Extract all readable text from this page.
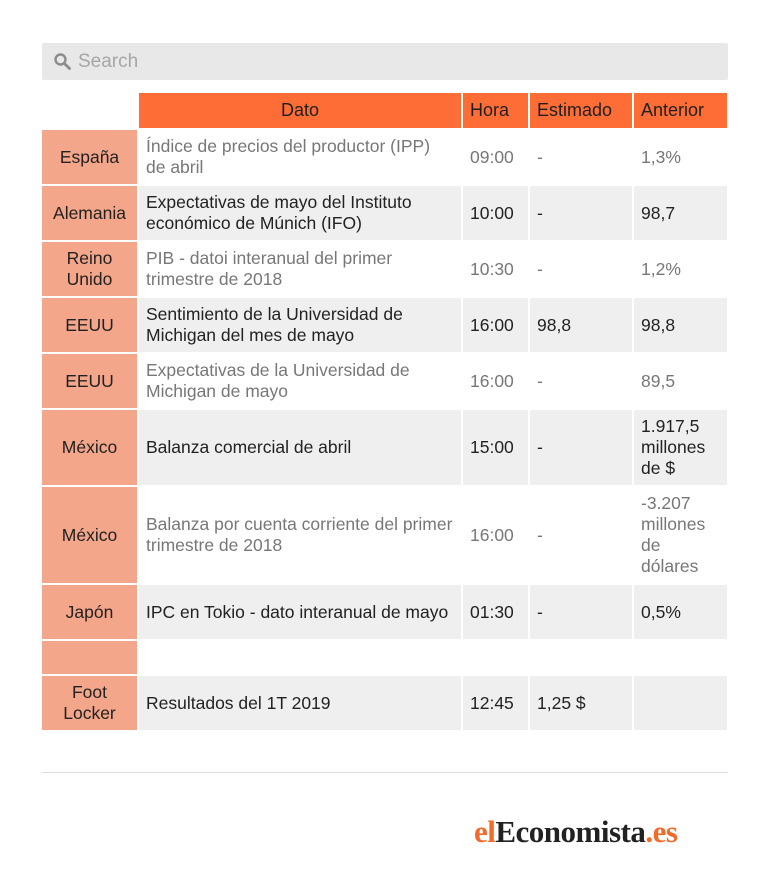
Search
	Dato	Hora	Estimado	Anterior
España	Índice de precios del productor (IPP) de abril	09:00	-	1,3%
Alemania	Expectativas de mayo del Instituto económico de Múnich (IFO)	10:00	-	98,7
Reino Unido	PIB - datoi interanual del primer trimestre de 2018	10:30	-	1,2%
EEUU	Sentimiento de la Universidad de Michigan del mes de mayo	16:00	98,8	98,8
EEUU	Expectativas de la Universidad de Michigan de mayo	16:00	-	89,5
México	Balanza comercial de abril	15:00	-	1.917,5 millones de $
México	Balanza por cuenta corriente del primer trimestre de 2018	16:00	-	-3.207 millones de dólares
Japón	IPC en Tokio - dato interanual de mayo	01:30	-	0,5%

Foot Locker	Resultados del 1T 2019	12:45	1,25 $	
elEconomista.es
